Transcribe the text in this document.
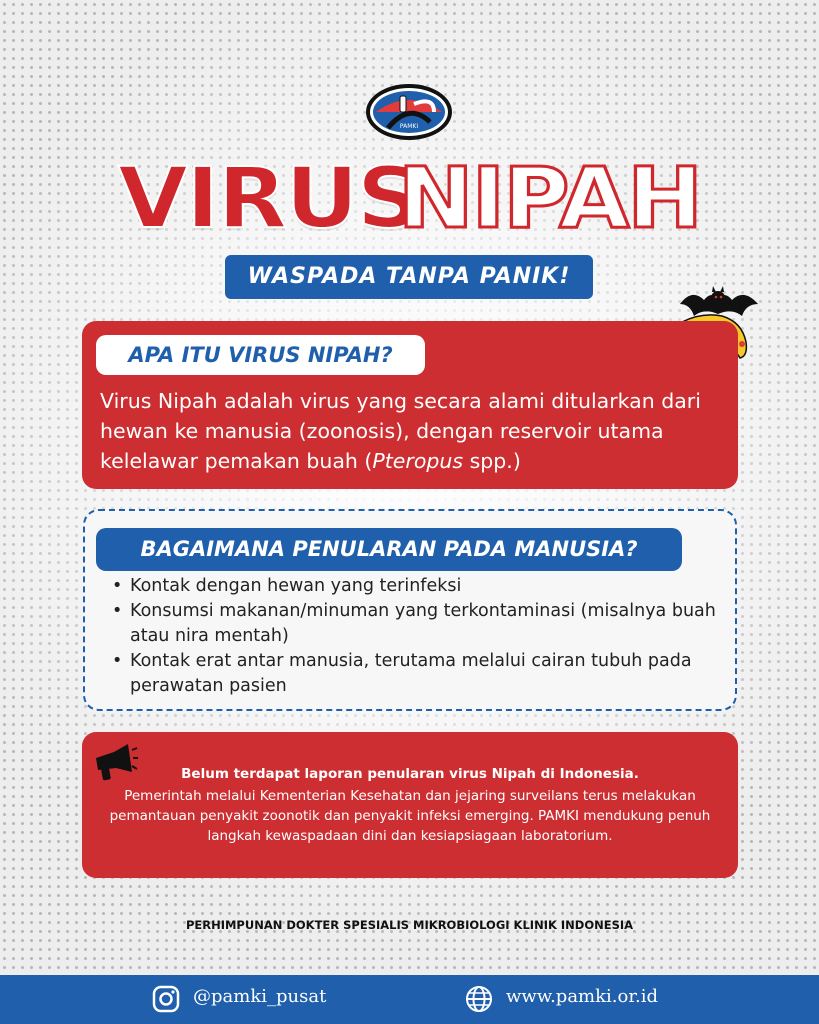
PAMKI
VIRUSNIPAH
WASPADA TANPA PANIK!
APA ITU VIRUS NIPAH?
Virus Nipah adalah virus yang secara alami ditularkan dari hewan ke manusia (zoonosis), dengan reservoir utama kelelawar pemakan buah (Pteropus spp.)
BAGAIMANA PENULARAN PADA MANUSIA?
• Kontak dengan hewan yang terinfeksi
• Konsumsi makanan/minuman yang terkontaminasi (misalnya buah atau nira mentah)
• Kontak erat antar manusia, terutama melalui cairan tubuh pada perawatan pasien
Belum terdapat laporan penularan virus Nipah di Indonesia.
Pemerintah melalui Kementerian Kesehatan dan jejaring surveilans terus melakukan pemantauan penyakit zoonotik dan penyakit infeksi emerging. PAMKI mendukung penuh langkah kewaspadaan dini dan kesiapsiagaan laboratorium.
PERHIMPUNAN DOKTER SPESIALIS MIKROBIOLOGI KLINIK INDONESIA
@pamki_pusat	www.pamki.or.id
